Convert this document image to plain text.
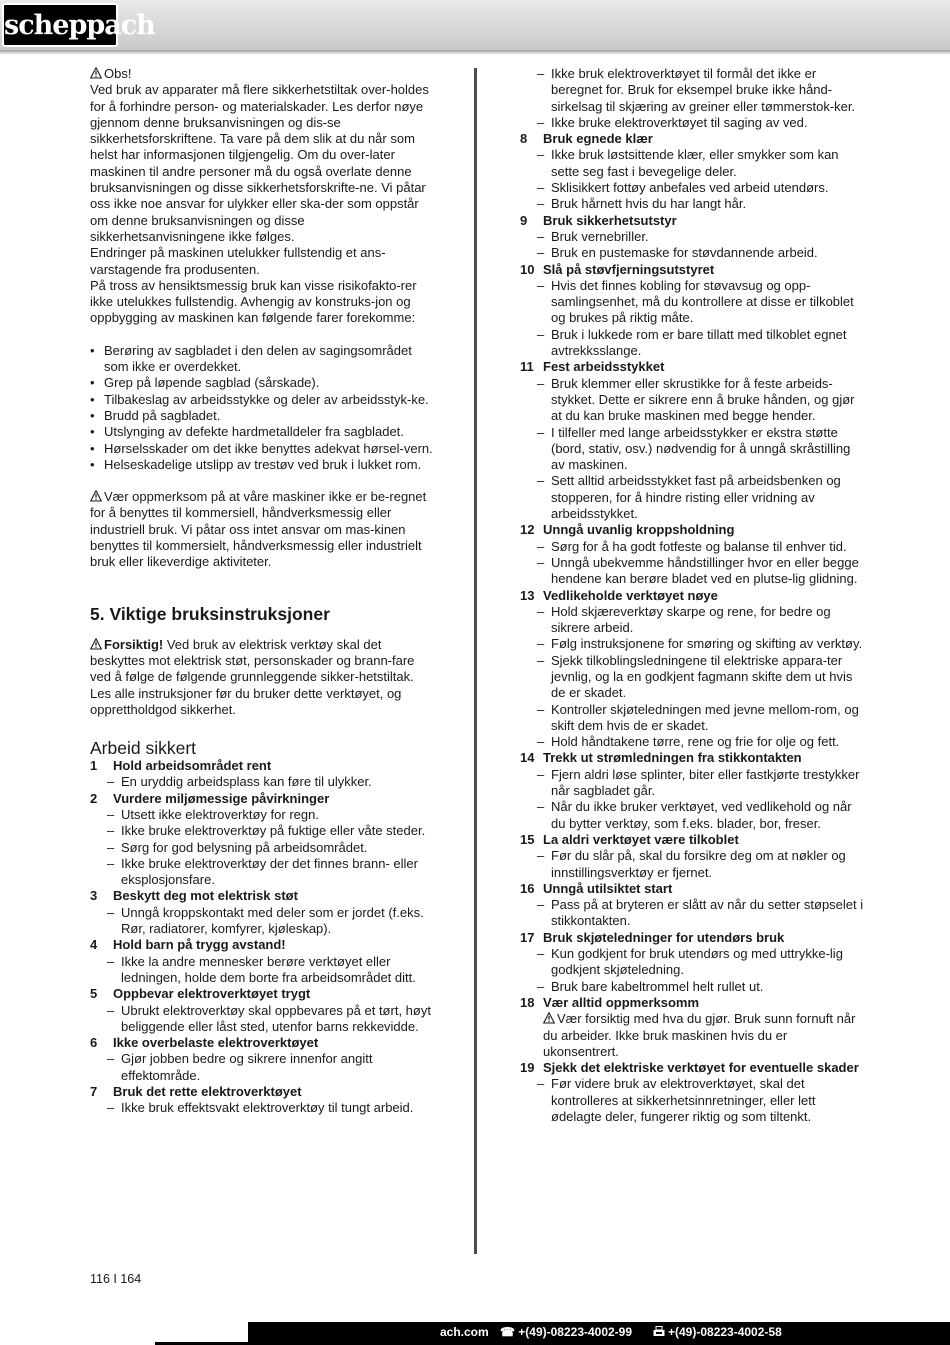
scheppach

Obs!

Ved bruk av apparater må flere sikkerhetstiltak over-holdes for å forhindre person- og materialskader. Les derfor nøye gjennom denne bruksanvisningen og dis-se sikkerhetsforskriftene. Ta vare på dem slik at du når som helst har informasjonen tilgjengelig. Om du over-later maskinen til andre personer må du også overlate denne bruksanvisningen og disse sikkerhetsforskrifte-ne. Vi påtar oss ikke noe ansvar for ulykker eller ska-der som oppstår om denne bruksanvisningen og disse sikkerhetsanvisningene ikke følges.

Endringer på maskinen utelukker fullstendig et ans-varstagende fra produsenten.

På tross av hensiktsmessig bruk kan visse risikofakto-rer ikke utelukkes fullstendig. Avhengig av konstruks-jon og oppbygging av maskinen kan følgende farer forekomme:

• Berøring av sagbladet i den delen av sagingsområdet som ikke er overdekket.
• Grep på løpende sagblad (sårskade).
• Tilbakeslag av arbeidsstykke og deler av arbeidsstyk-ke.
• Brudd på sagbladet.
• Utslynging av defekte hardmetalldeler fra sagbladet.
• Hørselsskader om det ikke benyttes adekvat hørsel-vern.
• Helseskadelige utslipp av trestøv ved bruk i lukket rom.

Vær oppmerksom på at våre maskiner ikke er be-regnet for å benyttes til kommersiell, håndverksmessig eller industriell bruk. Vi påtar oss intet ansvar om mas-kinen benyttes til kommersielt, håndverksmessig eller industrielt bruk eller likeverdige aktiviteter.

5. Viktige bruksinstruksjoner

Forsiktig! Ved bruk av elektrisk verktøy skal det beskyttes mot elektrisk støt, personskader og brann-fare ved å følge de følgende grunnleggende sikker-hetstiltak. Les alle instruksjoner før du bruker dette verktøyet, og opprettholdgod sikkerhet.

Arbeid sikkert
1 Hold arbeidsområdet rent
– En uryddig arbeidsplass kan føre til ulykker.
2 Vurdere miljømessige påvirkninger
– Utsett ikke elektroverktøy for regn.
– Ikke bruke elektroverktøy på fuktige eller våte steder.
– Sørg for god belysning på arbeidsområdet.
– Ikke bruke elektroverktøy der det finnes brann- eller eksplosjonsfare.
3 Beskytt deg mot elektrisk støt
– Unngå kroppskontakt med deler som er jordet (f.eks. Rør, radiatorer, komfyrer, kjøleskap).
4 Hold barn på trygg avstand!
– Ikke la andre mennesker berøre verktøyet eller ledningen, holde dem borte fra arbeidsområdet ditt.
5 Oppbevar elektroverktøyet trygt
– Ubrukt elektroverktøy skal oppbevares på et tørt, høyt beliggende eller låst sted, utenfor barns rekkevidde.
6 Ikke overbelaste elektroverktøyet
– Gjør jobben bedre og sikrere innenfor angitt effektområde.
7 Bruk det rette elektroverktøyet
– Ikke bruk effektsvakt elektroverktøy til tungt arbeid.
– Ikke bruk elektroverktøyet til formål det ikke er beregnet for. Bruk for eksempel bruke ikke hånd-sirkelsag til skjæring av greiner eller tømmerstok-ker.
– Ikke bruke elektroverktøyet til saging av ved.
8 Bruk egnede klær
– Ikke bruk løstsittende klær, eller smykker som kan sette seg fast i bevegelige deler.
– Sklisikkert fottøy anbefales ved arbeid utendørs.
– Bruk hårnett hvis du har langt hår.
9 Bruk sikkerhetsutstyr
– Bruk vernebriller.
– Bruk en pustemaske for støvdannende arbeid.
10 Slå på støvfjerningsutstyret
– Hvis det finnes kobling for støvavsug og opp-samlingsenhet, må du kontrollere at disse er tilkoblet og brukes på riktig måte.
– Bruk i lukkede rom er bare tillatt med tilkoblet egnet avtrekksslange.
11 Fest arbeidsstykket
– Bruk klemmer eller skrustikke for å feste arbeids-stykket. Dette er sikrere enn å bruke hånden, og gjør at du kan bruke maskinen med begge hender.
– I tilfeller med lange arbeidsstykker er ekstra støtte (bord, stativ, osv.) nødvendig for å unngå skråstilling av maskinen.
– Sett alltid arbeidsstykket fast på arbeidsbenken og stopperen, for å hindre risting eller vridning av arbeidsstykket.
12 Unngå uvanlig kroppsholdning
– Sørg for å ha godt fotfeste og balanse til enhver tid.
– Unngå ubekvemme håndstillinger hvor en eller begge hendene kan berøre bladet ved en plutse-lig glidning.
13 Vedlikeholde verktøyet nøye
– Hold skjæreverktøy skarpe og rene, for bedre og sikrere arbeid.
– Følg instruksjonene for smøring og skifting av verktøy.
– Sjekk tilkoblingsledningene til elektriske appara-ter jevnlig, og la en godkjent fagmann skifte dem ut hvis de er skadet.
– Kontroller skjøteledningen med jevne mellom-rom, og skift dem hvis de er skadet.
– Hold håndtakene tørre, rene og frie for olje og fett.
14 Trekk ut strømledningen fra stikkontakten
– Fjern aldri løse splinter, biter eller fastkjørte trestykker når sagbladet går.
– Når du ikke bruker verktøyet, ved vedlikehold og når du bytter verktøy, som f.eks. blader, bor, freser.
15 La aldri verktøyet være tilkoblet
– Før du slår på, skal du forsikre deg om at nøkler og innstillingsverktøy er fjernet.
16 Unngå utilsiktet start
– Pass på at bryteren er slått av når du setter støpselet i stikkontakten.
17 Bruk skjøteledninger for utendørs bruk
– Kun godkjent for bruk utendørs og med uttrykke-lig godkjent skjøteledning.
– Bruk bare kabeltrommel helt rullet ut.
18 Vær alltid oppmerksomm
Vær forsiktig med hva du gjør. Bruk sunn fornuft når du arbeider. Ikke bruk maskinen hvis du er ukonsentrert.
19 Sjekk det elektriske verktøyet for eventuelle skader
– Før videre bruk av elektroverktøyet, skal det kontrolleres at sikkerhetsinnretninger, eller lett ødelagte deler, fungerer riktig og som tiltenkt.
116 I 164
ach.com ☎ +(49)-08223-4002-99	+(49)-08223-4002-58
